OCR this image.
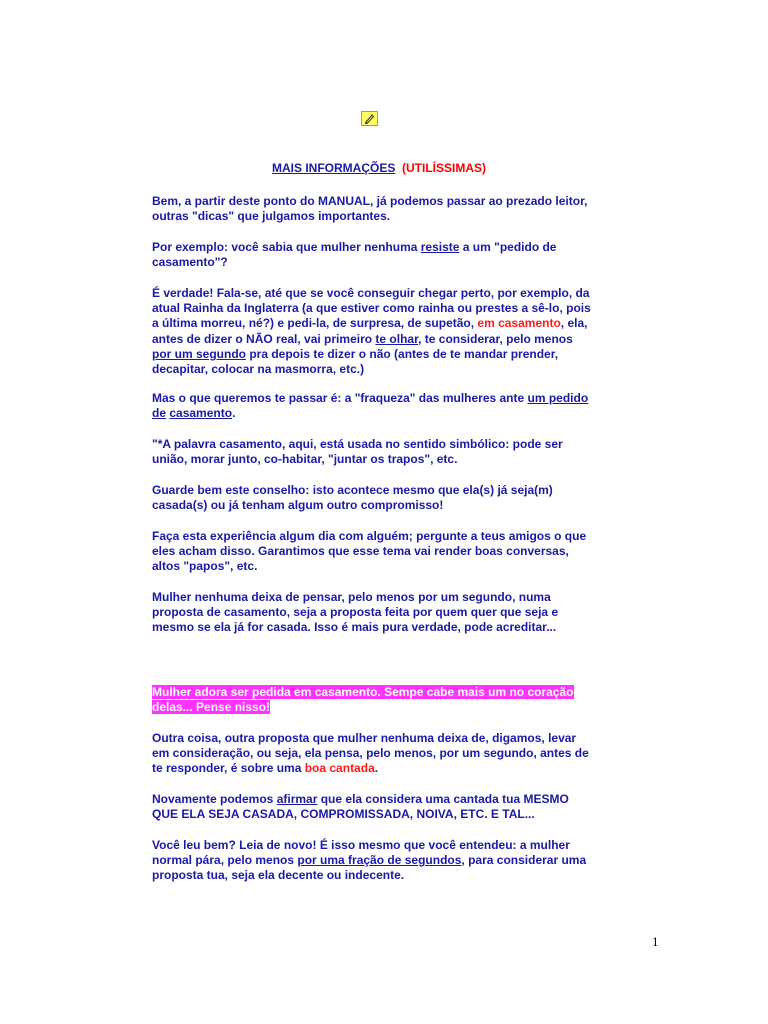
MAIS INFORMAÇÕES (UTILÍSSIMAS)
Bem, a partir deste ponto do MANUAL, já podemos passar ao prezado leitor,
outras "dicas" que julgamos importantes.
Por exemplo: você sabia que mulher nenhuma resiste a um "pedido de
casamento"?
É verdade! Fala-se, até que se você conseguir chegar perto, por exemplo, da
atual Rainha da Inglaterra (a que estiver como rainha ou prestes a sê-lo, pois
a última morreu, né?) e pedi-la, de surpresa, de supetão, em casamento, ela,
antes de dizer o NÃO real, vai primeiro te olhar, te considerar, pelo menos
por um segundo pra depois te dizer o não (antes de te mandar prender,
decapitar, colocar na masmorra, etc.)
Mas o que queremos te passar é: a "fraqueza" das mulheres ante um pedido
de casamento.
"*A palavra casamento, aqui, está usada no sentido simbólico: pode ser
união, morar junto, co-habitar, "juntar os trapos", etc.
Guarde bem este conselho: isto acontece mesmo que ela(s) já seja(m)
casada(s) ou já tenham algum outro compromisso!
Faça esta experiência algum dia com alguém; pergunte a teus amigos o que
eles acham disso. Garantimos que esse tema vai render boas conversas,
altos "papos", etc.
Mulher nenhuma deixa de pensar, pelo menos por um segundo, numa
proposta de casamento, seja a proposta feita por quem quer que seja e
mesmo se ela já for casada. Isso é mais pura verdade, pode acreditar...
Mulher adora ser pedida em casamento. Sempe cabe mais um no coração
delas... Pense nisso!
Outra coisa, outra proposta que mulher nenhuma deixa de, digamos, levar
em consideração, ou seja, ela pensa, pelo menos, por um segundo, antes de
te responder, é sobre uma boa cantada.
Novamente podemos afirmar que ela considera uma cantada tua MESMO
QUE ELA SEJA CASADA, COMPROMISSADA, NOIVA, ETC. E TAL...
Você leu bem? Leia de novo! É isso mesmo que você entendeu: a mulher
normal pára, pelo menos por uma fração de segundos, para considerar uma
proposta tua, seja ela decente ou indecente.
1
